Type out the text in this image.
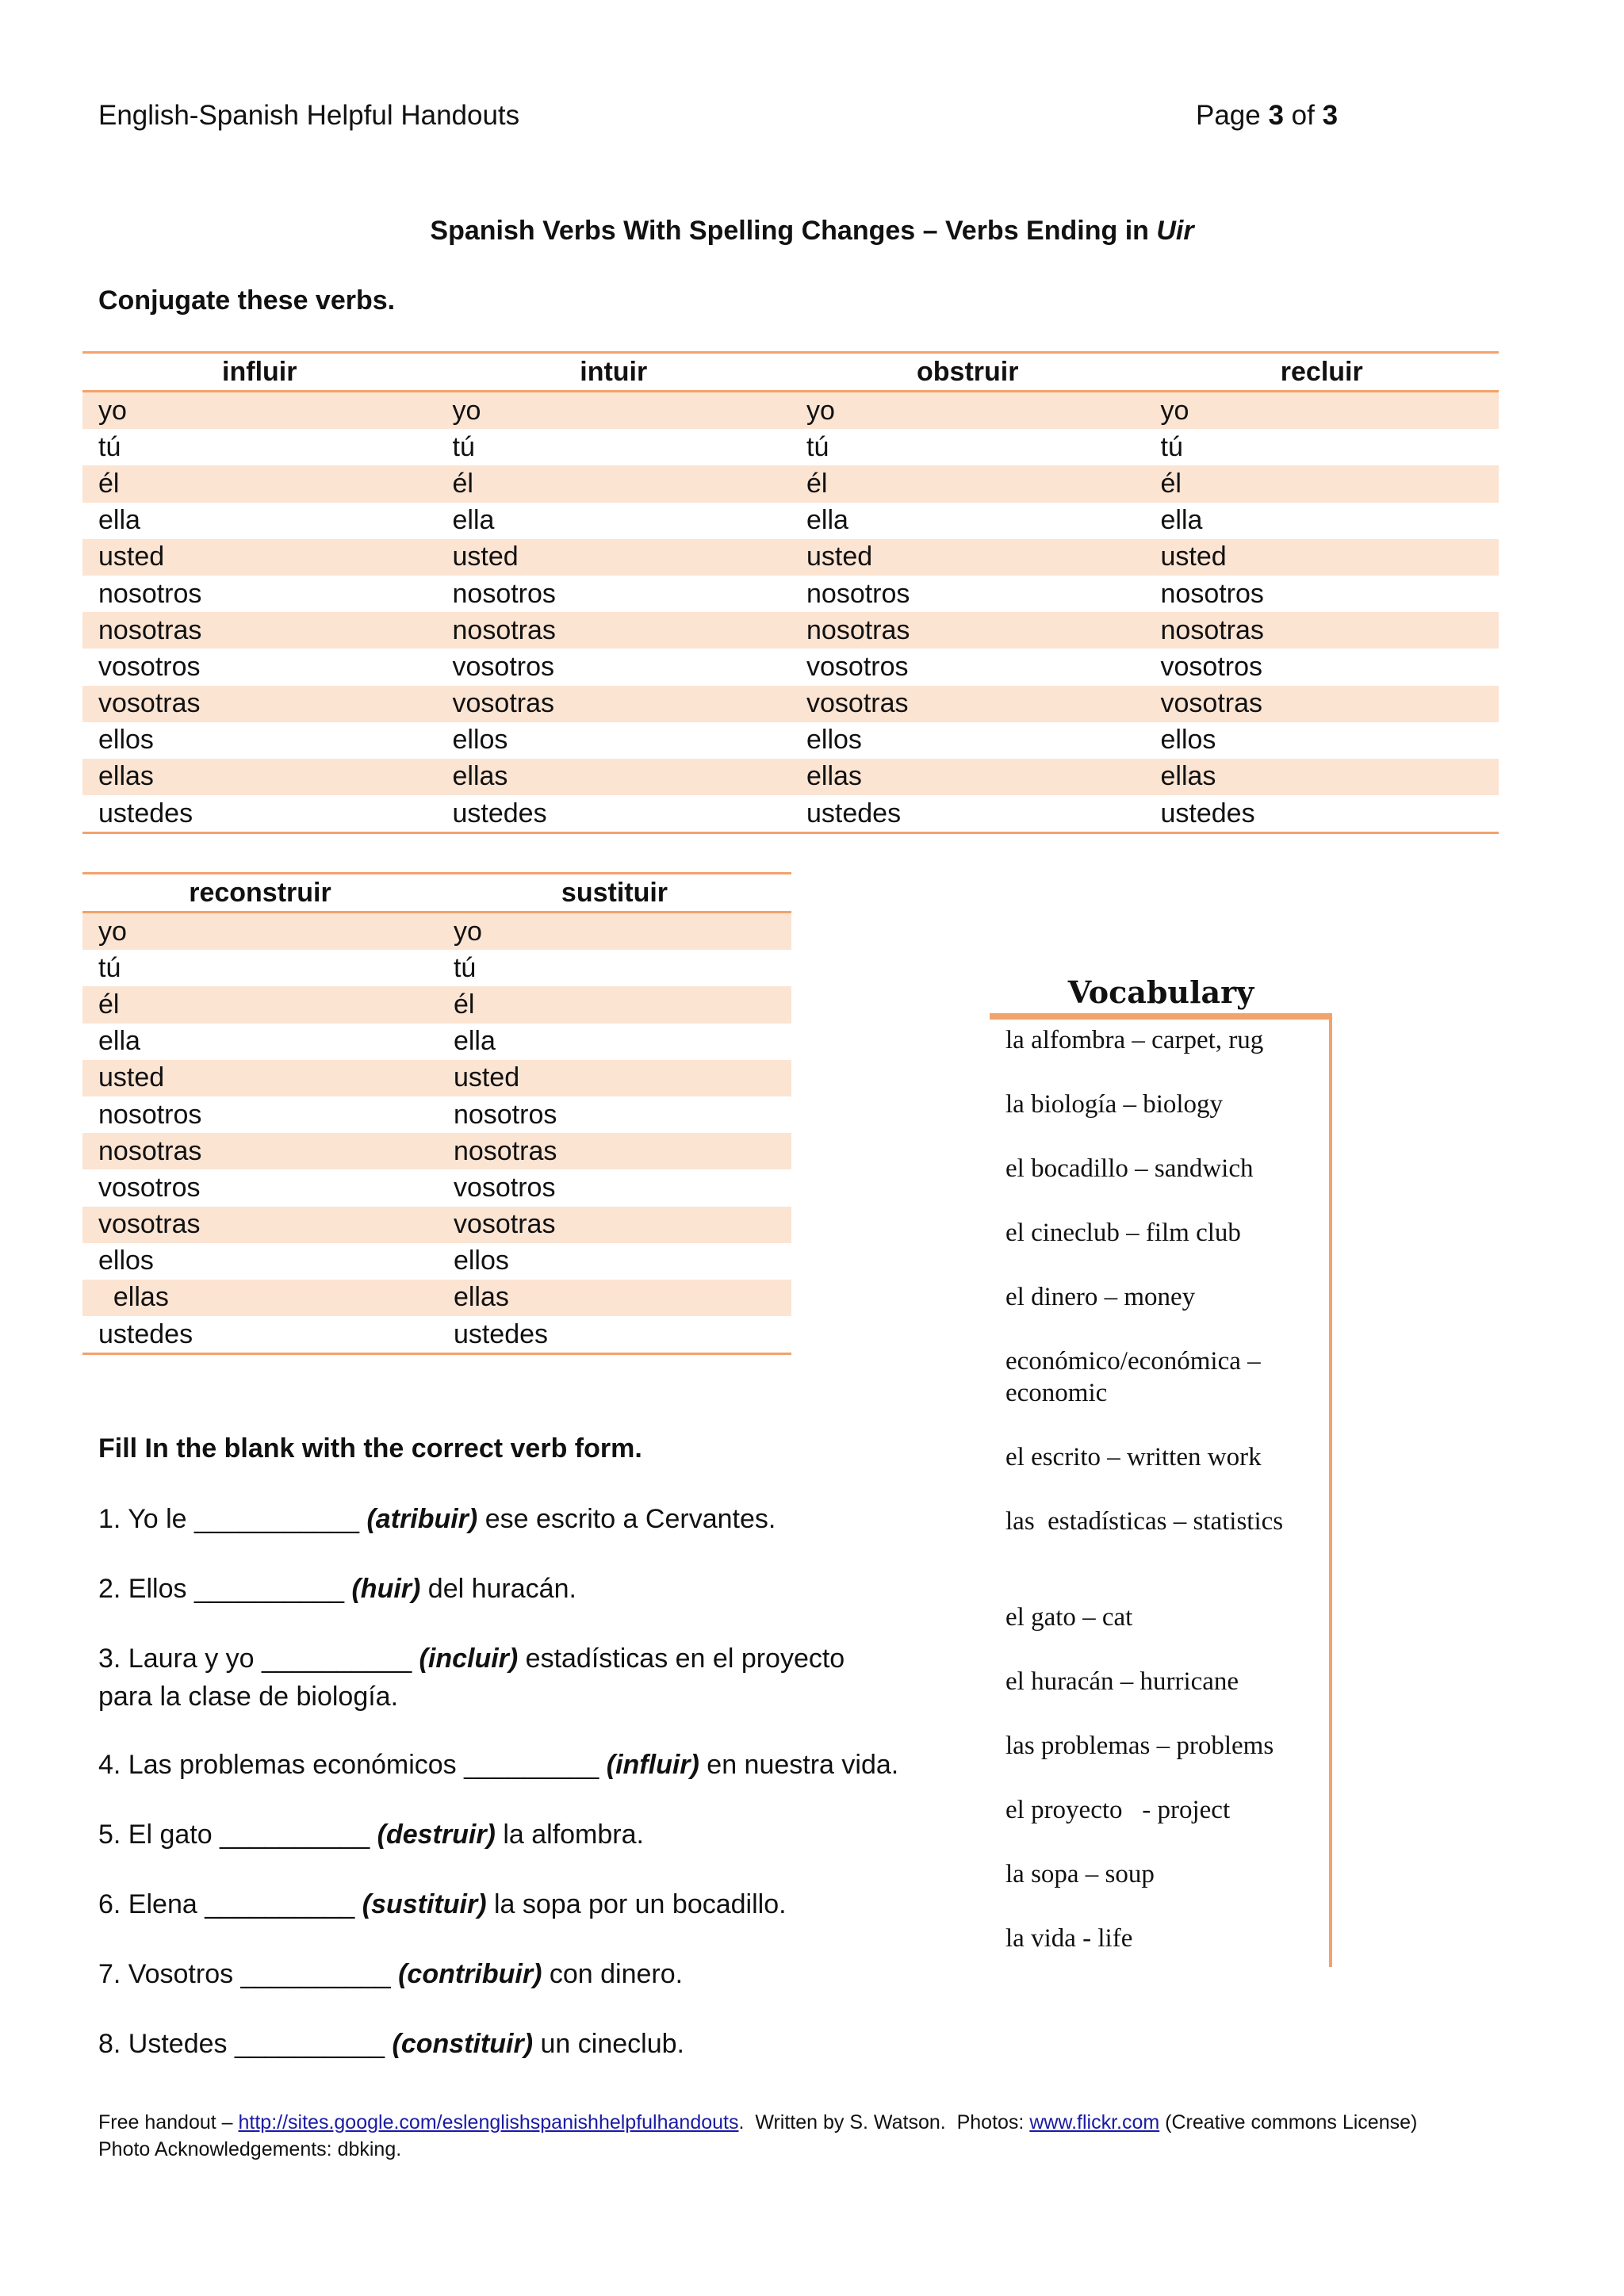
English-Spanish Helpful Handouts	Page 3 of 3
Spanish Verbs With Spelling Changes – Verbs Ending in Uir
Conjugate these verbs.
influir	intuir	obstruir	recluir
yo	yo	yo	yo
tú	tú	tú	tú
él	él	él	él
ella	ella	ella	ella
usted	usted	usted	usted
nosotros	nosotros	nosotros	nosotros
nosotras	nosotras	nosotras	nosotras
vosotros	vosotros	vosotros	vosotros
vosotras	vosotras	vosotras	vosotras
ellos	ellos	ellos	ellos
ellas	ellas	ellas	ellas
ustedes	ustedes	ustedes	ustedes
reconstruir	sustituir
yo	yo
tú	tú
él	él
ella	ella
usted	usted
nosotros	nosotros
nosotras	nosotras
vosotros	vosotros
vosotras	vosotras
ellos	ellos
ellas	ellas
ustedes	ustedes
Vocabulary
la alfombra – carpet, rug
la biología – biology
el bocadillo – sandwich
el cineclub – film club
el dinero – money
económico/económica – economic
el escrito – written work
las  estadísticas – statistics
el gato – cat
el huracán – hurricane
las problemas – problems
el proyecto   - project
la sopa – soup
la vida - life
Fill In the blank with the correct verb form.
1. Yo le ___________ (atribuir) ese escrito a Cervantes.
2. Ellos __________ (huir) del huracán.
3. Laura y yo __________ (incluir) estadísticas en el proyecto
para la clase de biología.
4. Las problemas económicos _________ (influir) en nuestra vida.
5. El gato __________ (destruir) la alfombra.
6. Elena __________ (sustituir) la sopa por un bocadillo.
7. Vosotros __________ (contribuir) con dinero.
8. Ustedes __________ (constituir) un cineclub.
Free handout – http://sites.google.com/eslenglishspanishhelpfulhandouts.  Written by S. Watson.  Photos: www.flickr.com (Creative commons License)
Photo Acknowledgements: dbking.
